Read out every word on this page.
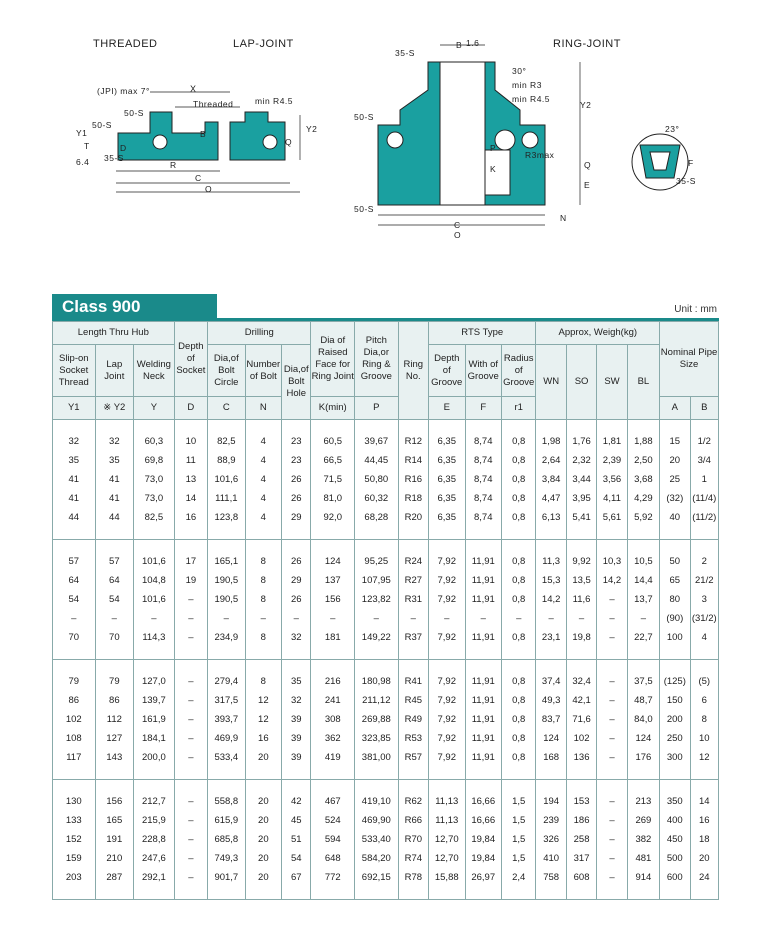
THREADED	LAP-JOINT	RING-JOINT
(JPI) max 7°	X
Threaded	min R4.5
50-S
50-S
35-S
Y1	Y2
B
Q
R
C
O
T	D
6.4
1.6
35-S
30°
min R3
min R4.5
R3max
23°
E
F
N
K
P
50-S
50-S
C
O
B
Y2
Q
35-S
Class 900	Unit : mm
Length Thru Hub			Depth of Socket	Drilling			Dia of Raised Face for Ring Joint	Pitch Dia,or Ring & Groove	Ring No.	RTS Type			Approx, Weigh(kg)				Nominal Pipe Size	
Slip-on Socket Thread	Lap Joint	Welding Neck		Dia,of Bolt Circle	Number of Bolt	Dia,of Bolt Hole				Depth of Groove	With of Groove	Radius of Groove	WN	SO	SW	BL		
Y1	※ Y2	Y	D	C	N		K(min)	P		E	F	r1					A	B

32	32	60,3	10	82,5	4	23	60,5	39,67	R12	6,35	8,74	0,8	1,98	1,76	1,81	1,88	15	1/2
35	35	69,8	11	88,9	4	23	66,5	44,45	R14	6,35	8,74	0,8	2,64	2,32	2,39	2,50	20	3/4
41	41	73,0	13	101,6	4	26	71,5	50,80	R16	6,35	8,74	0,8	3,84	3,44	3,56	3,68	25	1
41	41	73,0	14	111,1	4	26	81,0	60,32	R18	6,35	8,74	0,8	4,47	3,95	4,11	4,29	(32)	(11/4)
44	44	82,5	16	123,8	4	29	92,0	68,28	R20	6,35	8,74	0,8	6,13	5,41	5,61	5,92	40	(11/2)

57	57	101,6	17	165,1	8	26	124	95,25	R24	7,92	11,91	0,8	11,3	9,92	10,3	10,5	50	2
64	64	104,8	19	190,5	8	29	137	107,95	R27	7,92	11,91	0,8	15,3	13,5	14,2	14,4	65	21/2
54	54	101,6	–	190,5	8	26	156	123,82	R31	7,92	11,91	0,8	14,2	11,6	–	13,7	80	3
–	–	–	–	–	–	–	–	–	–	–	–	–	–	–	–	–	(90)	(31/2)
70	70	114,3	–	234,9	8	32	181	149,22	R37	7,92	11,91	0,8	23,1	19,8	–	22,7	100	4

79	79	127,0	–	279,4	8	35	216	180,98	R41	7,92	11,91	0,8	37,4	32,4	–	37,5	(125)	(5)
86	86	139,7	–	317,5	12	32	241	211,12	R45	7,92	11,91	0,8	49,3	42,1	–	48,7	150	6
102	112	161,9	–	393,7	12	39	308	269,88	R49	7,92	11,91	0,8	83,7	71,6	–	84,0	200	8
108	127	184,1	–	469,9	16	39	362	323,85	R53	7,92	11,91	0,8	124	102	–	124	250	10
117	143	200,0	–	533,4	20	39	419	381,00	R57	7,92	11,91	0,8	168	136	–	176	300	12

130	156	212,7	–	558,8	20	42	467	419,10	R62	11,13	16,66	1,5	194	153	–	213	350	14
133	165	215,9	–	615,9	20	45	524	469,90	R66	11,13	16,66	1,5	239	186	–	269	400	16
152	191	228,8	–	685,8	20	51	594	533,40	R70	12,70	19,84	1,5	326	258	–	382	450	18
159	210	247,6	–	749,3	20	54	648	584,20	R74	12,70	19,84	1,5	410	317	–	481	500	20
203	287	292,1	–	901,7	20	67	772	692,15	R78	15,88	26,97	2,4	758	608	–	914	600	24
